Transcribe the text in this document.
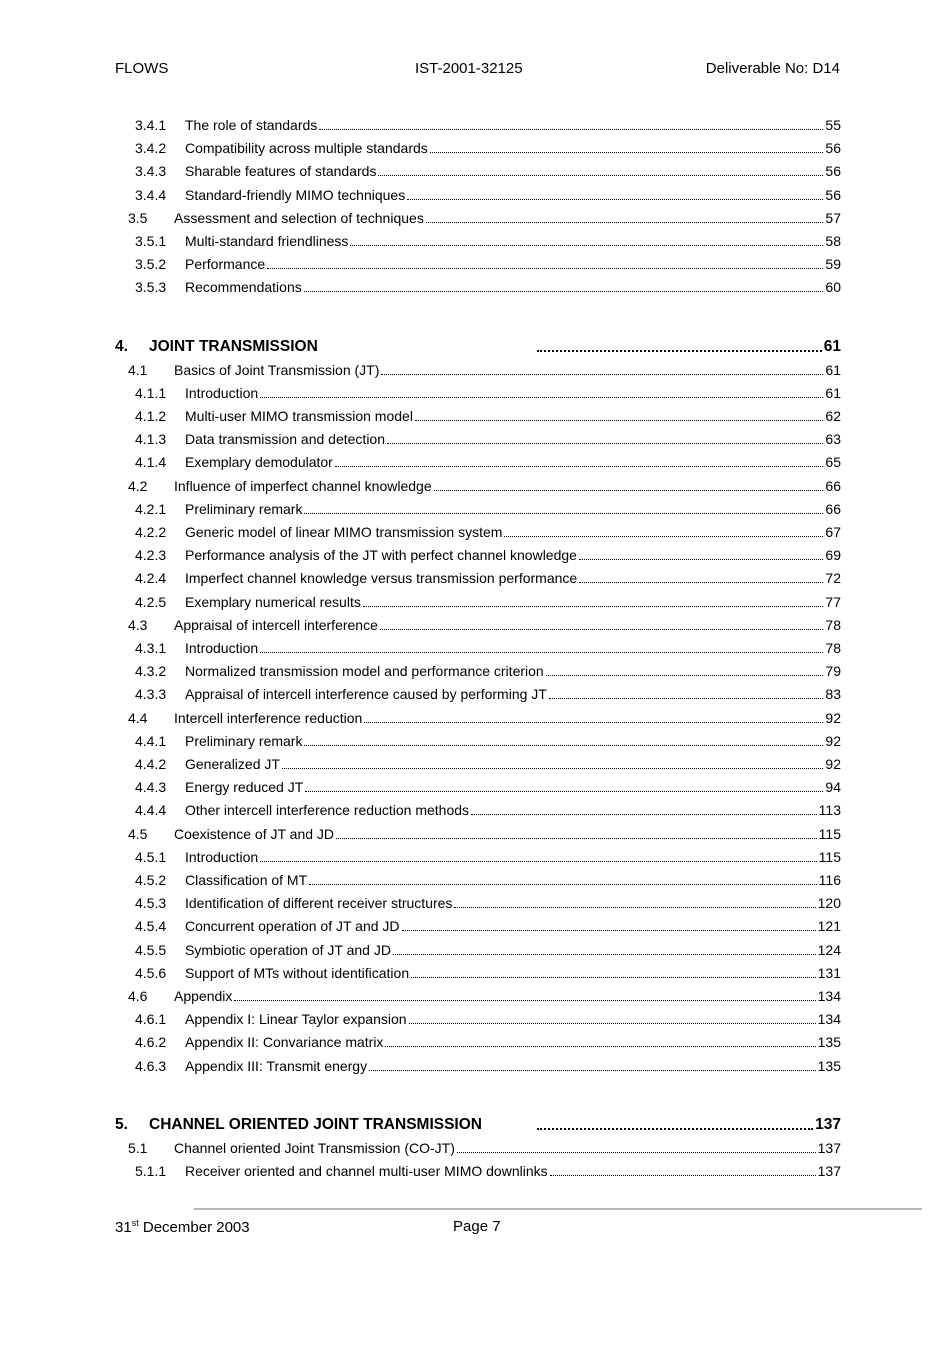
FLOWS	IST-2001-32125	Deliverable No: D14
3.4.1	The role of standards	55
3.4.2	Compatibility across multiple standards	56
3.4.3	Sharable features of standards	56
3.4.4	Standard-friendly MIMO techniques	56
3.5	Assessment and selection of techniques	57
3.5.1	Multi-standard friendliness	58
3.5.2	Performance	59
3.5.3	Recommendations	60
4.	JOINT TRANSMISSION	61
4.1	Basics of Joint Transmission (JT)	61
4.1.1	Introduction	61
4.1.2	Multi-user MIMO transmission model	62
4.1.3	Data transmission and detection	63
4.1.4	Exemplary demodulator	65
4.2	Influence of imperfect channel knowledge	66
4.2.1	Preliminary remark	66
4.2.2	Generic model of linear MIMO transmission system	67
4.2.3	Performance analysis of the JT with perfect channel knowledge	69
4.2.4	Imperfect channel knowledge versus transmission performance	72
4.2.5	Exemplary numerical results	77
4.3	Appraisal of intercell interference	78
4.3.1	Introduction	78
4.3.2	Normalized transmission model and performance criterion	79
4.3.3	Appraisal of intercell interference caused by performing JT	83
4.4	Intercell interference reduction	92
4.4.1	Preliminary remark	92
4.4.2	Generalized JT	92
4.4.3	Energy reduced JT	94
4.4.4	Other intercell interference reduction methods	113
4.5	Coexistence of JT and JD	115
4.5.1	Introduction	115
4.5.2	Classification of MT	116
4.5.3	Identification of different receiver structures	120
4.5.4	Concurrent operation of JT and JD	121
4.5.5	Symbiotic operation of JT and JD	124
4.5.6	Support of MTs without identification	131
4.6	Appendix	134
4.6.1	Appendix I: Linear Taylor expansion	134
4.6.2	Appendix II: Convariance matrix	135
4.6.3	Appendix III: Transmit energy	135
5.	CHANNEL ORIENTED JOINT TRANSMISSION	137
5.1	Channel oriented Joint Transmission (CO-JT)	137
5.1.1	Receiver oriented and channel multi-user MIMO downlinks	137
31st December 2003	Page 7
